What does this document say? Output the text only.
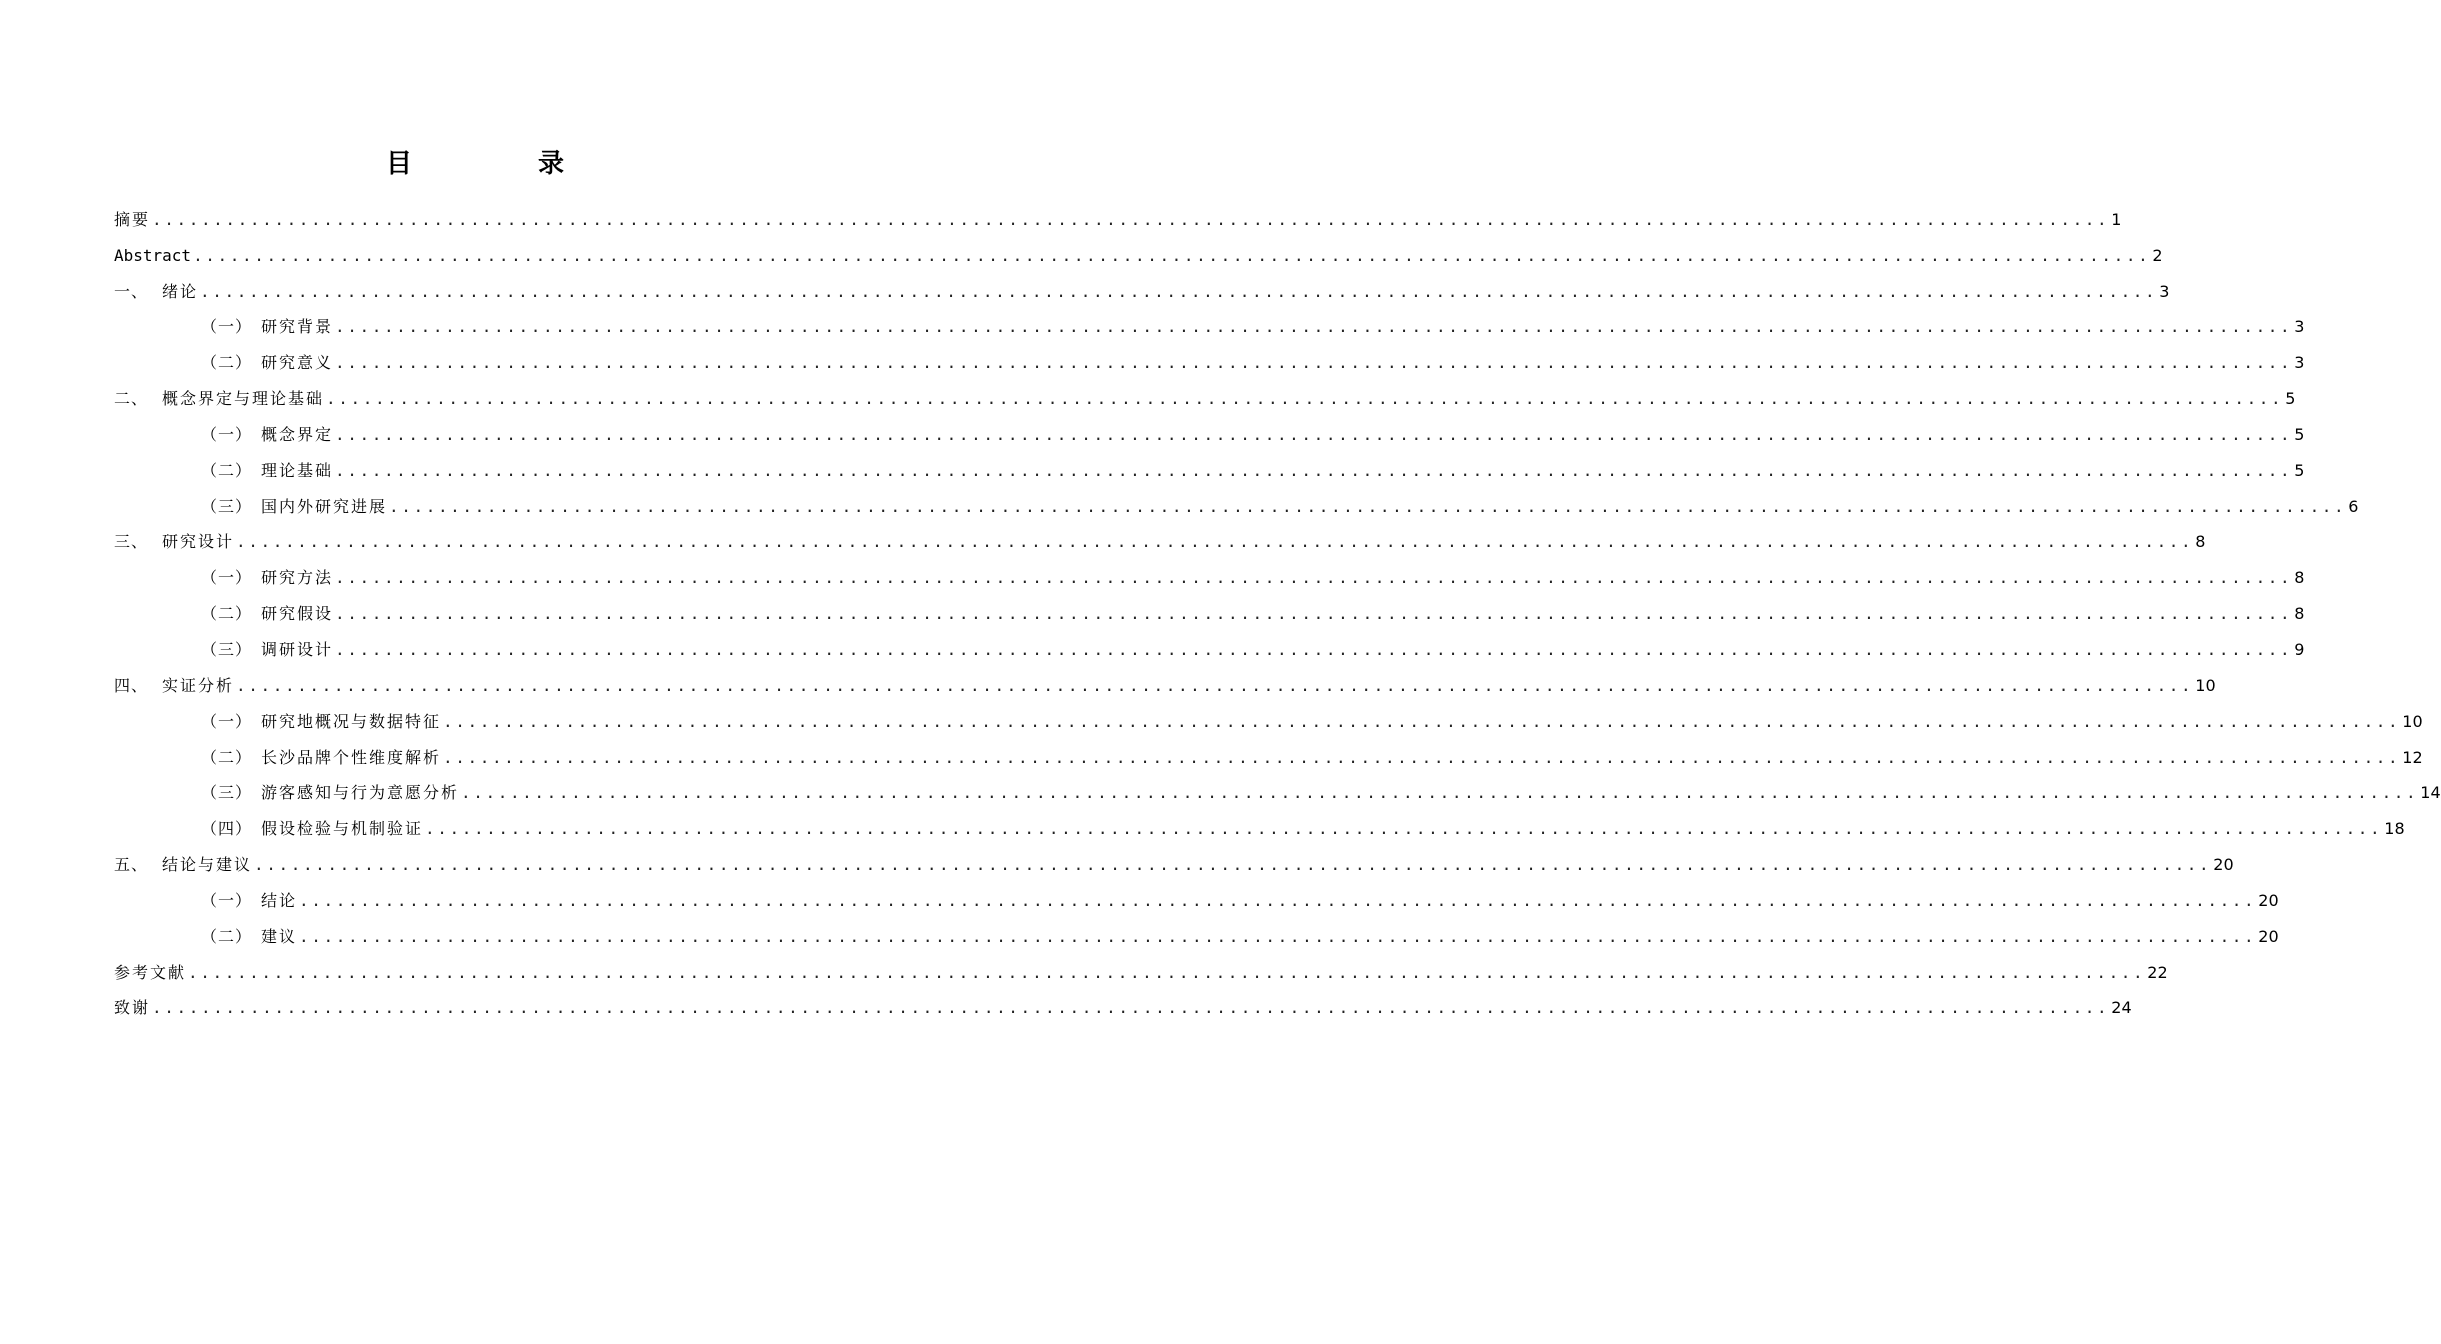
目　录
摘要 ................................................................................................................................................................ 1
Abstract ................................................................................................................................................................ 2
一、 绪论 ................................................................................................................................................................ 3
（一） 研究背景 ................................................................................................................................................................ 3
（二） 研究意义 ................................................................................................................................................................ 3
二、 概念界定与理论基础 ................................................................................................................................................................ 5
（一） 概念界定 ................................................................................................................................................................ 5
（二） 理论基础 ................................................................................................................................................................ 5
（三） 国内外研究进展 ................................................................................................................................................................ 6
三、 研究设计 ................................................................................................................................................................ 8
（一） 研究方法 ................................................................................................................................................................ 8
（二） 研究假设 ................................................................................................................................................................ 8
（三） 调研设计 ................................................................................................................................................................ 9
四、 实证分析 ................................................................................................................................................................ 10
（一） 研究地概况与数据特征 ................................................................................................................................................................ 10
（二） 长沙品牌个性维度解析 ................................................................................................................................................................ 12
（三） 游客感知与行为意愿分析 ................................................................................................................................................................ 14
（四） 假设检验与机制验证 ................................................................................................................................................................ 18
五、 结论与建议 ................................................................................................................................................................ 20
（一） 结论 ................................................................................................................................................................ 20
（二） 建议 ................................................................................................................................................................ 20
参考文献 ................................................................................................................................................................ 22
致谢 ................................................................................................................................................................ 24
